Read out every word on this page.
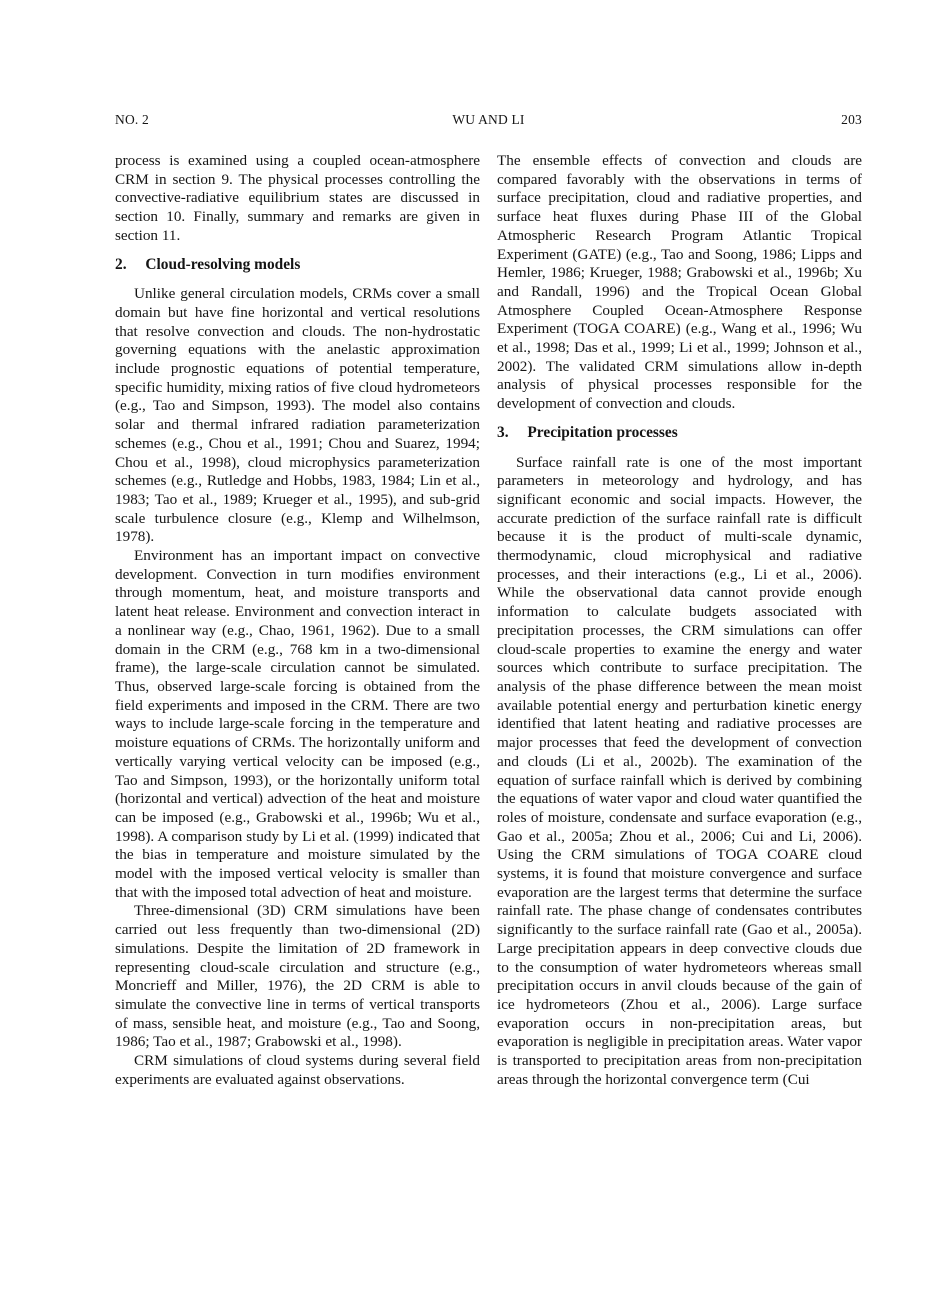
NO. 2	WU AND LI	203

process is examined using a coupled ocean-atmosphere CRM in section 9. The physical processes controlling the convective-radiative equilibrium states are discussed in section 10. Finally, summary and remarks are given in section 11.

2. Cloud-resolving models

Unlike general circulation models, CRMs cover a small domain but have fine horizontal and vertical resolutions that resolve convection and clouds. The non-hydrostatic governing equations with the anelastic approximation include prognostic equations of potential temperature, specific humidity, mixing ratios of five cloud hydrometeors (e.g., Tao and Simpson, 1993). The model also contains solar and thermal infrared radiation parameterization schemes (e.g., Chou et al., 1991; Chou and Suarez, 1994; Chou et al., 1998), cloud microphysics parameterization schemes (e.g., Rutledge and Hobbs, 1983, 1984; Lin et al., 1983; Tao et al., 1989; Krueger et al., 1995), and sub-grid scale turbulence closure (e.g., Klemp and Wilhelmson, 1978).

Environment has an important impact on convective development. Convection in turn modifies environment through momentum, heat, and moisture transports and latent heat release. Environment and convection interact in a nonlinear way (e.g., Chao, 1961, 1962). Due to a small domain in the CRM (e.g., 768 km in a two-dimensional frame), the large-scale circulation cannot be simulated. Thus, observed large-scale forcing is obtained from the field experiments and imposed in the CRM. There are two ways to include large-scale forcing in the temperature and moisture equations of CRMs. The horizontally uniform and vertically varying vertical velocity can be imposed (e.g., Tao and Simpson, 1993), or the horizontally uniform total (horizontal and vertical) advection of the heat and moisture can be imposed (e.g., Grabowski et al., 1996b; Wu et al., 1998). A comparison study by Li et al. (1999) indicated that the bias in temperature and moisture simulated by the model with the imposed vertical velocity is smaller than that with the imposed total advection of heat and moisture.

Three-dimensional (3D) CRM simulations have been carried out less frequently than two-dimensional (2D) simulations. Despite the limitation of 2D framework in representing cloud-scale circulation and structure (e.g., Moncrieff and Miller, 1976), the 2D CRM is able to simulate the convective line in terms of vertical transports of mass, sensible heat, and moisture (e.g., Tao and Soong, 1986; Tao et al., 1987; Grabowski et al., 1998).

CRM simulations of cloud systems during several field experiments are evaluated against observations.

The ensemble effects of convection and clouds are compared favorably with the observations in terms of surface precipitation, cloud and radiative properties, and surface heat fluxes during Phase III of the Global Atmospheric Research Program Atlantic Tropical Experiment (GATE) (e.g., Tao and Soong, 1986; Lipps and Hemler, 1986; Krueger, 1988; Grabowski et al., 1996b; Xu and Randall, 1996) and the Tropical Ocean Global Atmosphere Coupled Ocean-Atmosphere Response Experiment (TOGA COARE) (e.g., Wang et al., 1996; Wu et al., 1998; Das et al., 1999; Li et al., 1999; Johnson et al., 2002). The validated CRM simulations allow in-depth analysis of physical processes responsible for the development of convection and clouds.

3. Precipitation processes

Surface rainfall rate is one of the most important parameters in meteorology and hydrology, and has significant economic and social impacts. However, the accurate prediction of the surface rainfall rate is difficult because it is the product of multi-scale dynamic, thermodynamic, cloud microphysical and radiative processes, and their interactions (e.g., Li et al., 2006). While the observational data cannot provide enough information to calculate budgets associated with precipitation processes, the CRM simulations can offer cloud-scale properties to examine the energy and water sources which contribute to surface precipitation. The analysis of the phase difference between the mean moist available potential energy and perturbation kinetic energy identified that latent heating and radiative processes are major processes that feed the development of convection and clouds (Li et al., 2002b). The examination of the equation of surface rainfall which is derived by combining the equations of water vapor and cloud water quantified the roles of moisture, condensate and surface evaporation (e.g., Gao et al., 2005a; Zhou et al., 2006; Cui and Li, 2006). Using the CRM simulations of TOGA COARE cloud systems, it is found that moisture convergence and surface evaporation are the largest terms that determine the surface rainfall rate. The phase change of condensates contributes significantly to the surface rainfall rate (Gao et al., 2005a). Large precipitation appears in deep convective clouds due to the consumption of water hydrometeors whereas small precipitation occurs in anvil clouds because of the gain of ice hydrometeors (Zhou et al., 2006). Large surface evaporation occurs in non-precipitation areas, but evaporation is negligible in precipitation areas. Water vapor is transported to precipitation areas from non-precipitation areas through the horizontal convergence term (Cui
